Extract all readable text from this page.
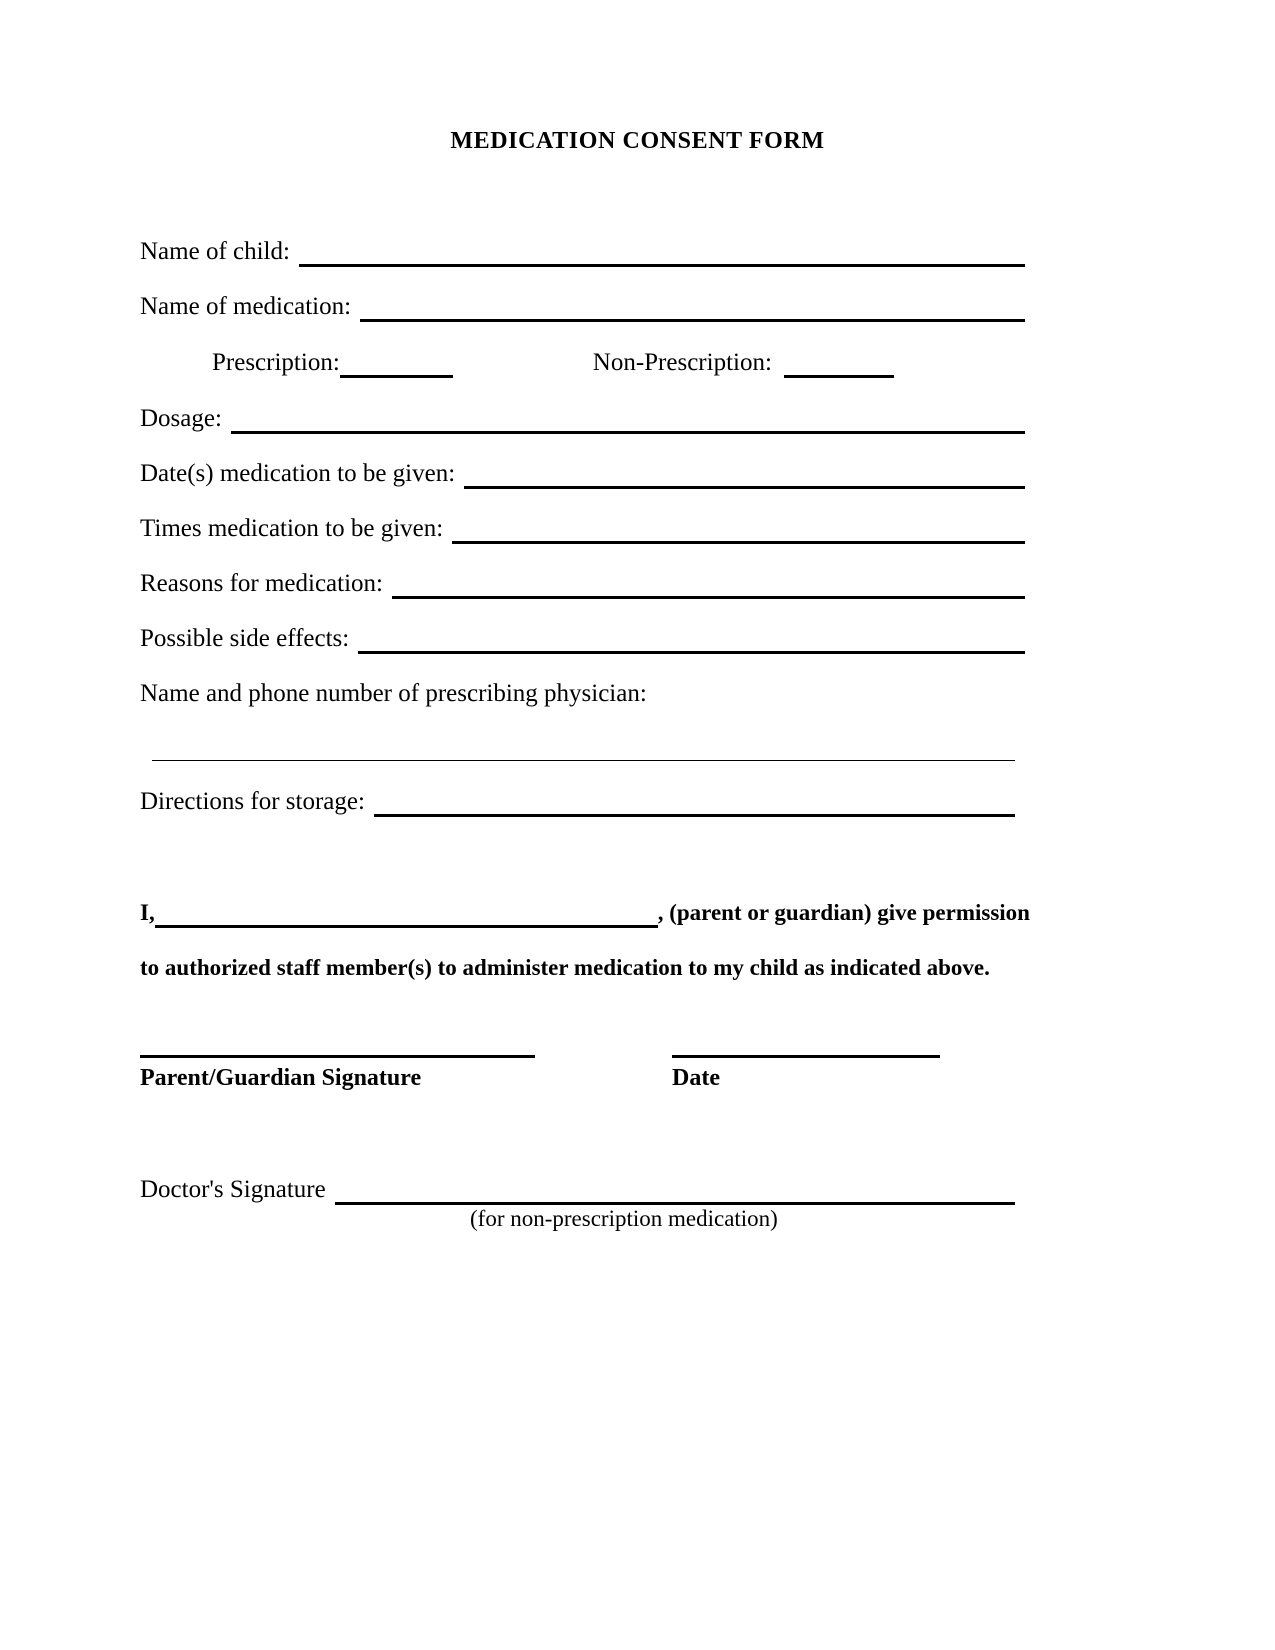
MEDICATION CONSENT FORM
Name of child:
Name of medication:
Prescription:	Non-Prescription:
Dosage:
Date(s) medication to be given:
Times medication to be given:
Reasons for medication:
Possible side effects:
Name and phone number of prescribing physician:
Directions for storage:
I,	, (parent or guardian) give permission
to authorized staff member(s) to administer medication to my child as indicated above.
Parent/Guardian Signature	Date
Doctor's Signature
(for non-prescription medication)
